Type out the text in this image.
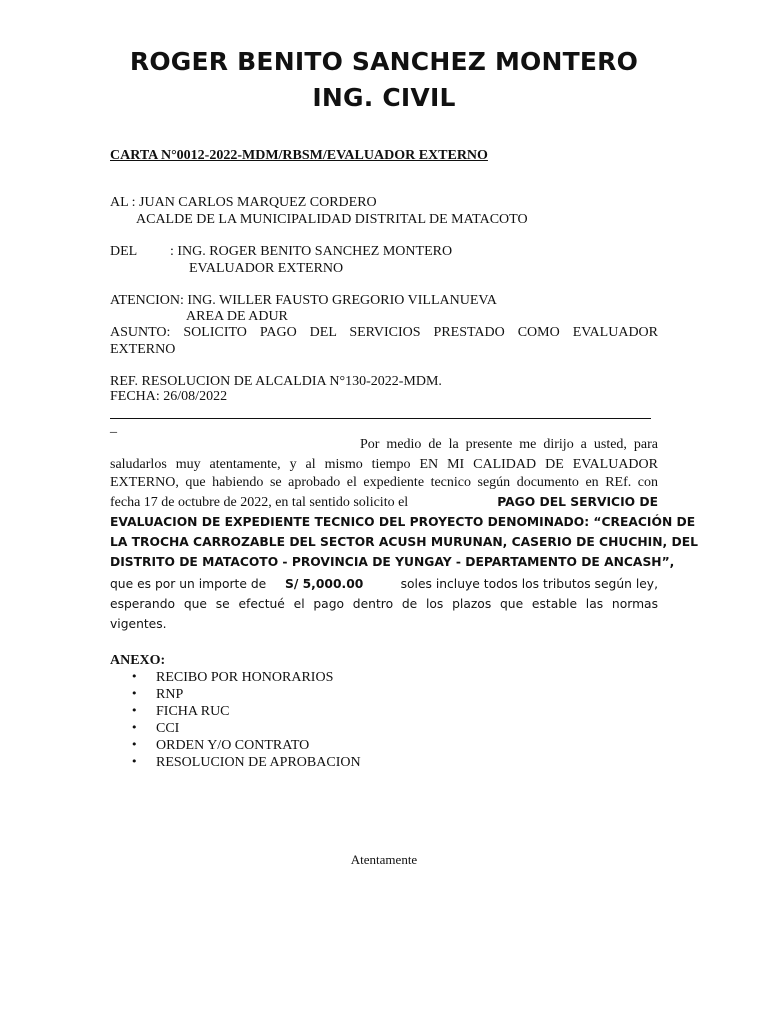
ROGER BENITO SANCHEZ MONTERO
ING. CIVIL
CARTA N°0012-2022-MDM/RBSM/EVALUADOR EXTERNO
AL : JUAN CARLOS MARQUEZ CORDERO
ACALDE DE LA MUNICIPALIDAD DISTRITAL DE MATACOTO
DEL : ING. ROGER BENITO SANCHEZ MONTERO
EVALUADOR EXTERNO
ATENCION: ING. WILLER FAUSTO GREGORIO VILLANUEVA
AREA DE ADUR
ASUNTO: SOLICITO PAGO DEL SERVICIOS PRESTADO COMO EVALUADOR
EXTERNO
REF. RESOLUCION DE ALCALDIA N°130-2022-MDM.
FECHA: 26/08/2022
_
Por medio de la presente me dirijo a usted, para
saludarlos muy atentamente, y al mismo tiempo EN MI CALIDAD DE EVALUADOR
EXTERNO, que habiendo se aprobado el expediente tecnico según documento en REf. con
fecha 17 de octubre de 2022, en tal sentido solicito el	PAGO DEL SERVICIO DE
EVALUACION DE EXPEDIENTE TECNICO DEL PROYECTO DENOMINADO: “CREACIÓN DE
LA TROCHA CARROZABLE DEL SECTOR ACUSH MURUNAN, CASERIO DE CHUCHIN, DEL
DISTRITO DE MATACOTO - PROVINCIA DE YUNGAY - DEPARTAMENTO DE ANCASH”,
que es por un importe de S/ 5,000.00	soles incluye todos los tributos según ley,
esperando que se efectué el pago dentro de los plazos que estable las normas
vigentes.
ANEXO:
• RECIBO POR HONORARIOS
• RNP
• FICHA RUC
• CCI
• ORDEN Y/O CONTRATO
• RESOLUCION DE APROBACION
Atentamente
